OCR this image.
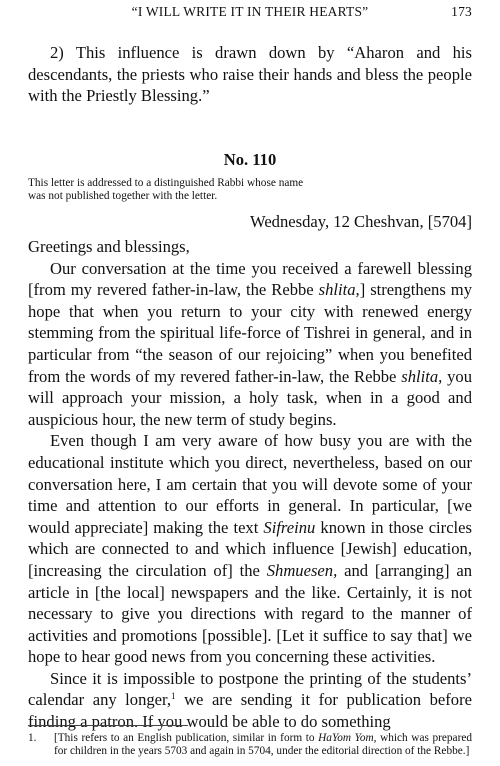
“I WILL WRITE IT IN THEIR HEARTS”	173

2) This influence is drawn down by “Aharon and his descendants, the priests who raise their hands and bless the people with the Priestly Blessing.”

No. 110
This letter is addressed to a distinguished Rabbi whose name was not published together with the letter.
Wednesday, 12 Cheshvan, [5704]

Greetings and blessings,

Our conversation at the time you received a farewell blessing [from my revered father-in-law, the Rebbe shlita,] strengthens my hope that when you return to your city with renewed energy stemming from the spiritual life-force of Tishrei in general, and in particular from “the season of our rejoicing” when you benefited from the words of my revered father-in-law, the Rebbe shlita, you will approach your mission, a holy task, when in a good and auspicious hour, the new term of study begins.

Even though I am very aware of how busy you are with the educational institute which you direct, nevertheless, based on our conversation here, I am certain that you will devote some of your time and attention to our efforts in general. In particular, [we would appreciate] making the text Sifreinu known in those circles which are connected to and which influence [Jewish] education, [increasing the circulation of] the Shmuesen, and [arranging] an article in [the local] newspapers and the like. Certainly, it is not necessary to give you directions with regard to the manner of activities and promotions [possible]. [Let it suffice to say that] we hope to hear good news from you concerning these activities.

Since it is impossible to postpone the printing of the students’ calendar any longer,$^1$ we are sending it for publication before finding a patron. If you would be able to do something

1. [This refers to an English publication, similar in form to HaYom Yom, which was prepared for children in the years 5703 and again in 5704, under the editorial direction of the Rebbe.]
